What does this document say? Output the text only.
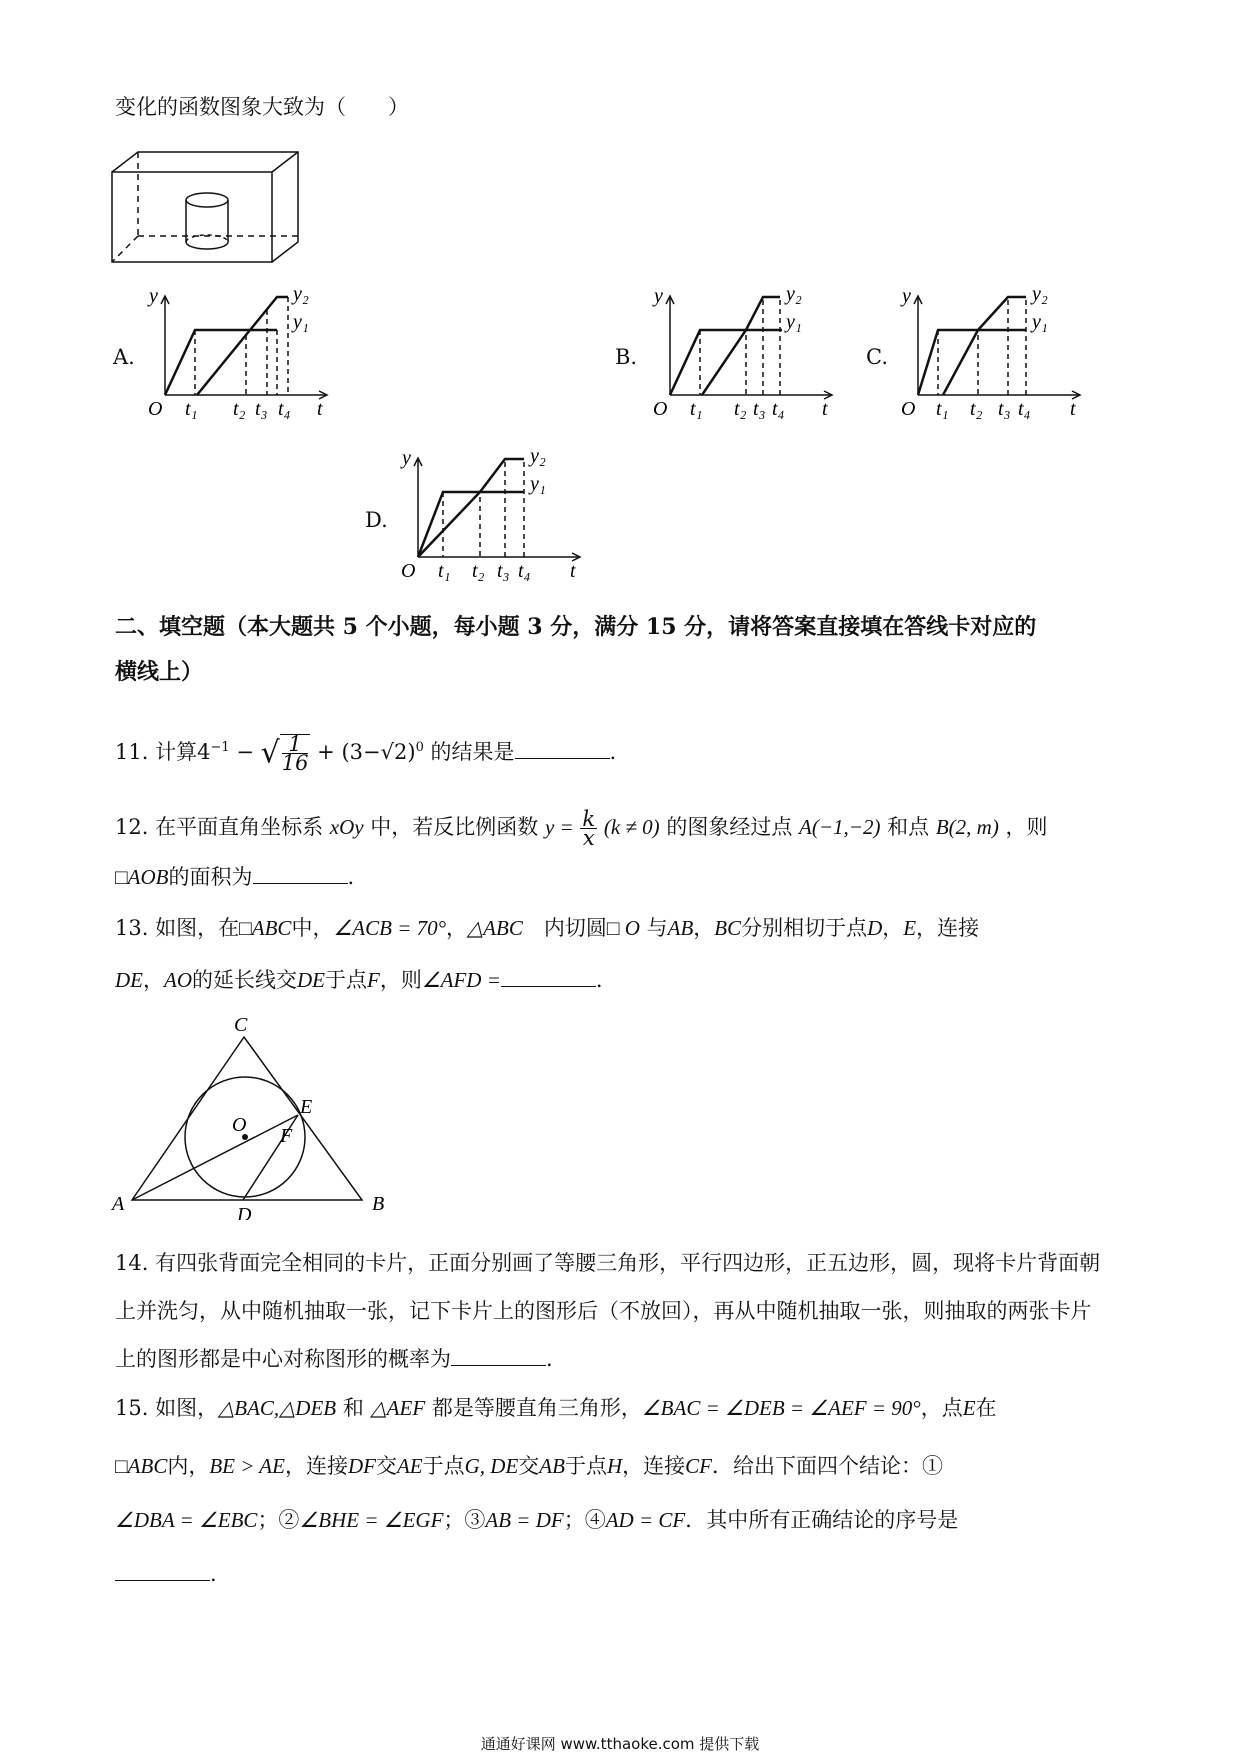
变化的函数图象大致为（　　）
A.
y
O	t
y₂
y₁
t₁ t₂ t₃ t₄
B.
y
O	t
y₂
y₁
t₁ t₂ t₃ t₄
C.
y
O	t
y₂
y₁
t₁ t₂ t₃ t₄
D.
y
O	t
y₂
y₁
t₁ t₂ t₃ t₄
二、填空题（本大题共 5 个小题，每小题 3 分，满分 15 分，请将答案直接填在答线卡对应的
横线上）
11. 计算$4^{-1}$ − √ $\frac{1}{16} + (3-√2)^0$ 的结果是	.
12. 在平面直角坐标系 xOy 中，若反比例函数 $y = \frac{k}{x} (k \ne 0)$ 的图象经过点 A(−1,−2) 和点 B(2, m) ，则
□AOB的面积为	.
13. 如图，在□ABC中，∠ACB = 70°，△ABC　内切圆□ O 与AB，BC分别相切于点D，E，连接
DE，AO的延长线交DE于点F，则∠AFD =	.
C
E
O F
A	D	B
14. 有四张背面完全相同的卡片，正面分别画了等腰三角形，平行四边形，正五边形，圆，现将卡片背面朝
上并洗匀，从中随机抽取一张，记下卡片上的图形后（不放回），再从中随机抽取一张，则抽取的两张卡片
上的图形都是中心对称图形的概率为	.
15. 如图，△BAC,△DEB 和 △AEF 都是等腰直角三角形，∠BAC = ∠DEB = ∠AEF = 90°，点E在
□ABC内，BE > AE，连接DF交AE于点G, DE交AB于点H，连接CF．给出下面四个结论：①
∠DBA = ∠EBC；②∠BHE = ∠EGF；③AB = DF；④AD = CF．其中所有正确结论的序号是
.
通通好课网 www.tthaoke.com 提供下载
